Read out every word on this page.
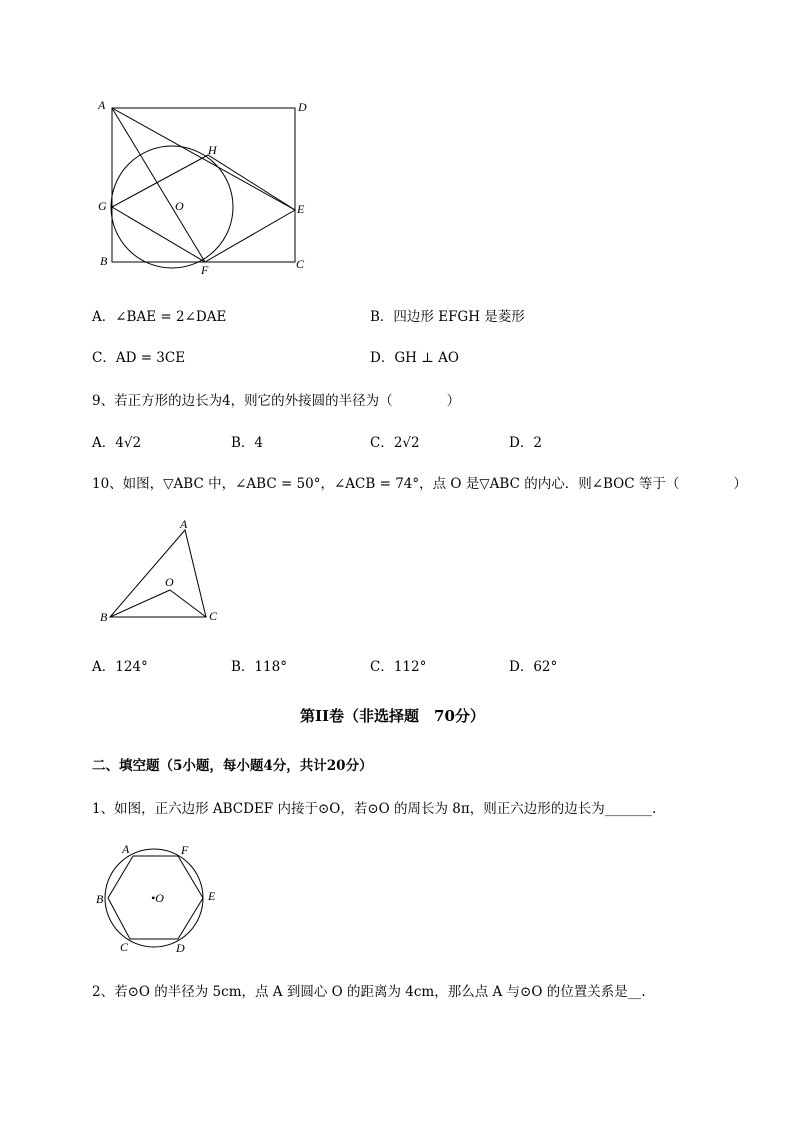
A	D
H
G	O	E
B
F	C
A．∠BAE = 2∠DAE	B．四边形 EFGH 是菱形
C．AD = 3CE	D．GH ⊥ AO
9、若正方形的边长为4，则它的外接圆的半径为（　　　　）
A．4√2	B．4	C．2√2	D．2
10、如图，▽ABC 中，∠ABC = 50°，∠ACB = 74°，点 O 是▽ABC 的内心．则∠BOC 等于（　　　　）
A
O
B	C
A．124°	B．118°	C．112°	D．62°
第II卷（非选择题　70分）
二、填空题（5小题，每小题4分，共计20分）
1、如图，正六边形 ABCDEF 内接于⊙O，若⊙O 的周长为 8π，则正六边形的边长为_______.
A	F
B	•O	E
C	D
2、若⊙O 的半径为 5cm，点 A 到圆心 O 的距离为 4cm，那么点 A 与⊙O 的位置关系是__.
